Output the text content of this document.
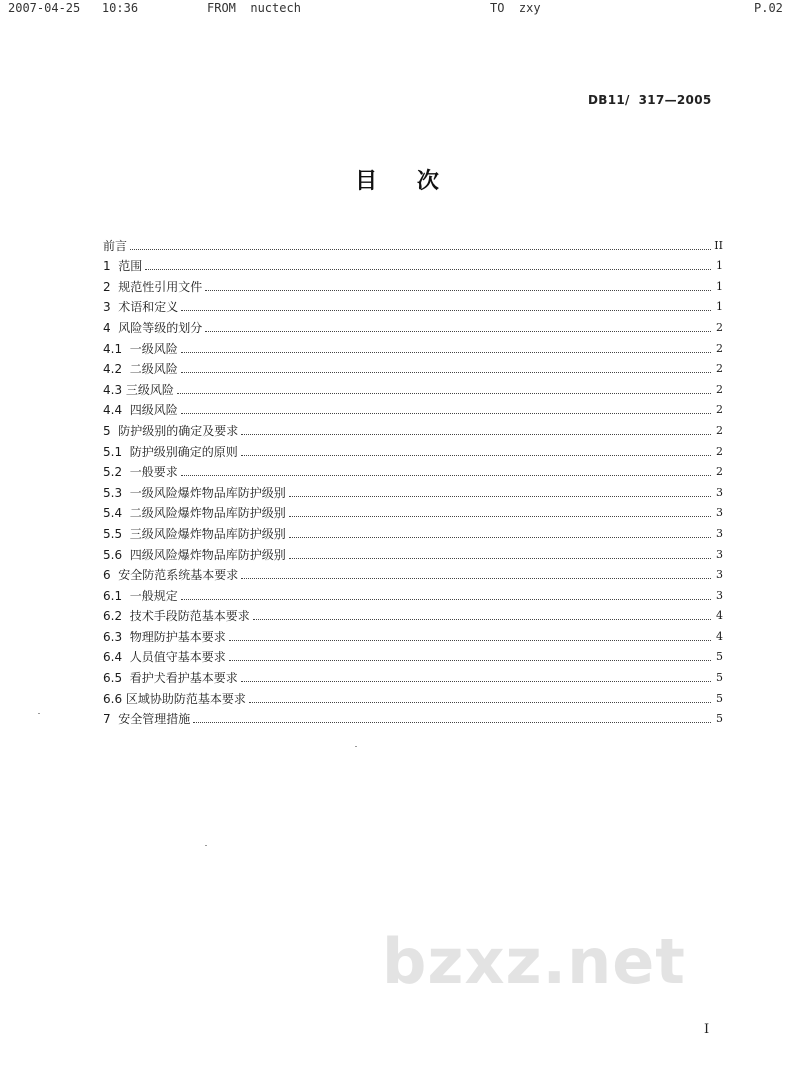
2007-04-25   10:36	FROM  nuctech	TO  zxy	P.02
DB11/  317—2005
目 次
前言	II
1 范围	1
2 规范性引用文件	1
3 术语和定义	1
4 风险等级的划分	2
4.1 一级风险	2
4.2 二级风险	2
4.3 三级风险	2
4.4 四级风险	2
5 防护级别的确定及要求	2
5.1 防护级别确定的原则	2
5.2 一般要求	2
5.3 一级风险爆炸物品库防护级别	3
5.4 二级风险爆炸物品库防护级别	3
5.5 三级风险爆炸物品库防护级别	3
5.6 四级风险爆炸物品库防护级别	3
6 安全防范系统基本要求	3
6.1 一般规定	3
6.2 技术手段防范基本要求	4
6.3 物理防护基本要求	4
6.4 人员值守基本要求	5
6.5 看护犬看护基本要求	5
6.6 区域协助防范基本要求	5
7 安全管理措施	5
bzxz.net
I
